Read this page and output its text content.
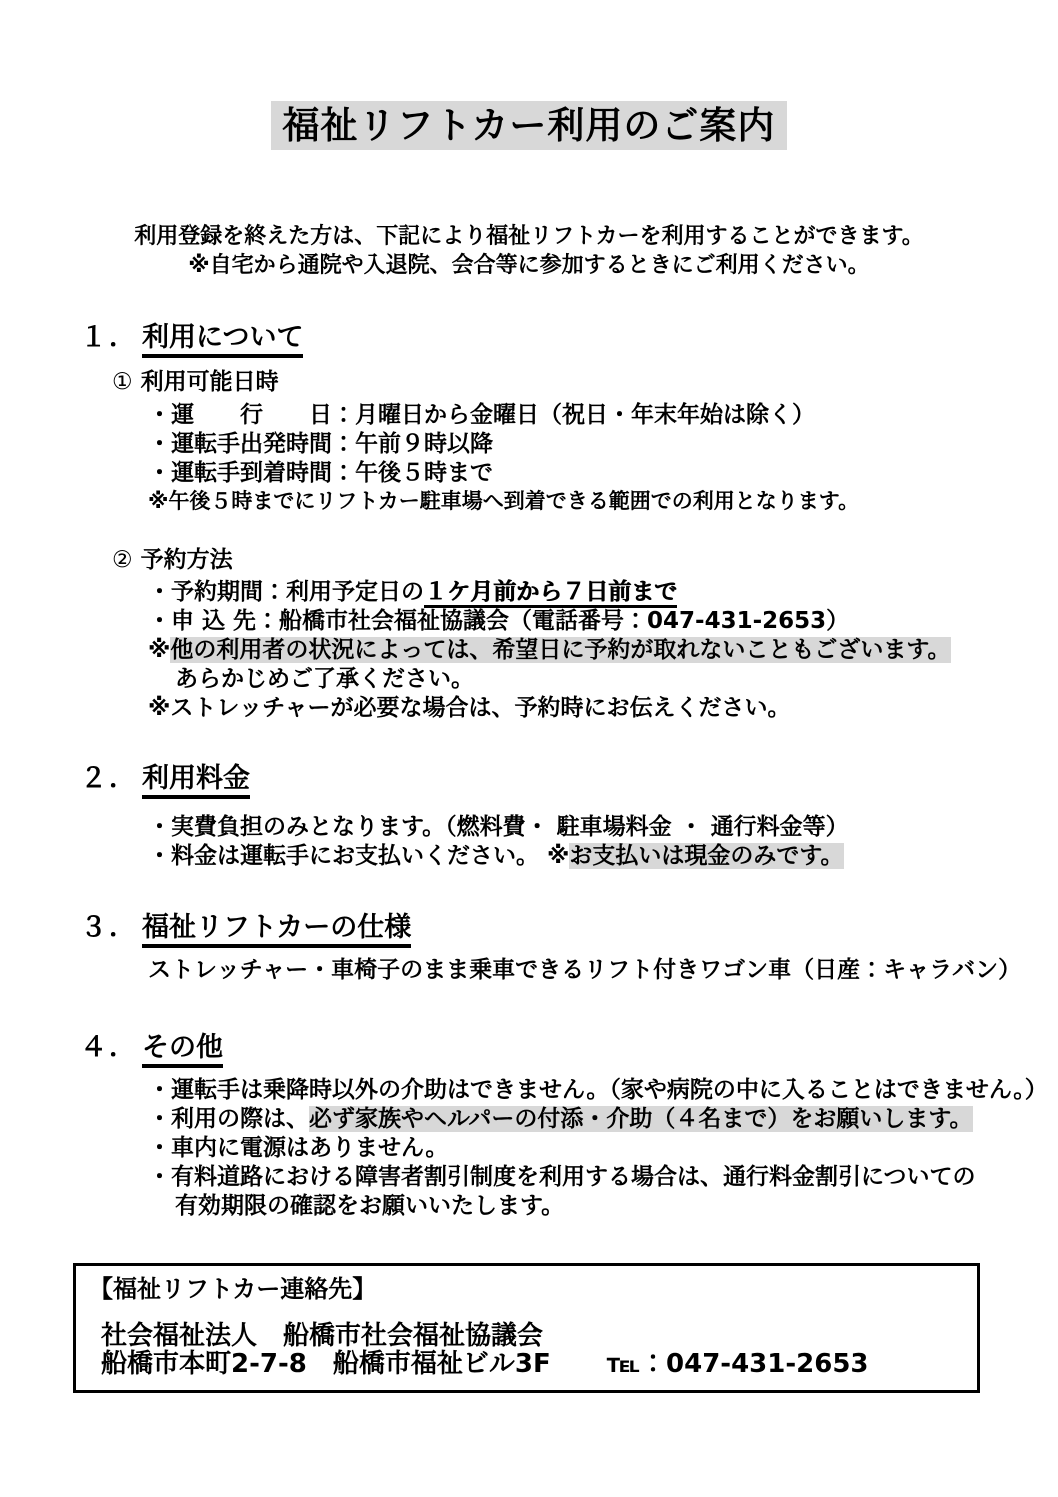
福祉リフトカー利用のご案内
利用登録を終えた方は、下記により福祉リフトカーを利用することができます。
※自宅から通院や入退院、会合等に参加するときにご利用ください。
１． 利用について
① 利用可能日時
・運　　行　　日：月曜日から金曜日（祝日・年末年始は除く）
・運転手出発時間：午前９時以降
・運転手到着時間：午後５時まで
※午後５時までにリフトカー駐車場へ到着できる範囲での利用となります。
② 予約方法
・予約期間：利用予定日の１ケ月前から７日前まで
・申 込 先：船橋市社会福祉協議会（電話番号：047-431-2653）
※他の利用者の状況によっては、希望日に予約が取れないこともございます。
あらかじめご了承ください。
※ストレッチャーが必要な場合は、予約時にお伝えください。
２． 利用料金
・実費負担のみとなります。（燃料費・ 駐車場料金 ・ 通行料金等）
・料金は運転手にお支払いください。 ※お支払いは現金のみです。
３． 福祉リフトカーの仕様
ストレッチャー・車椅子のまま乗車できるリフト付きワゴン車（日産：キャラバン）
４． その他
・運転手は乗降時以外の介助はできません。（家や病院の中に入ることはできません。）
・利用の際は、必ず家族やヘルパーの付添・介助（４名まで）をお願いします。
・車内に電源はありません。
・有料道路における障害者割引制度を利用する場合は、通行料金割引についての
有効期限の確認をお願いいたします。
【福祉リフトカー連絡先】
社会福祉法人　船橋市社会福祉協議会
船橋市本町2-7-8　船橋市福祉ビル3F ℡：047-431-2653
